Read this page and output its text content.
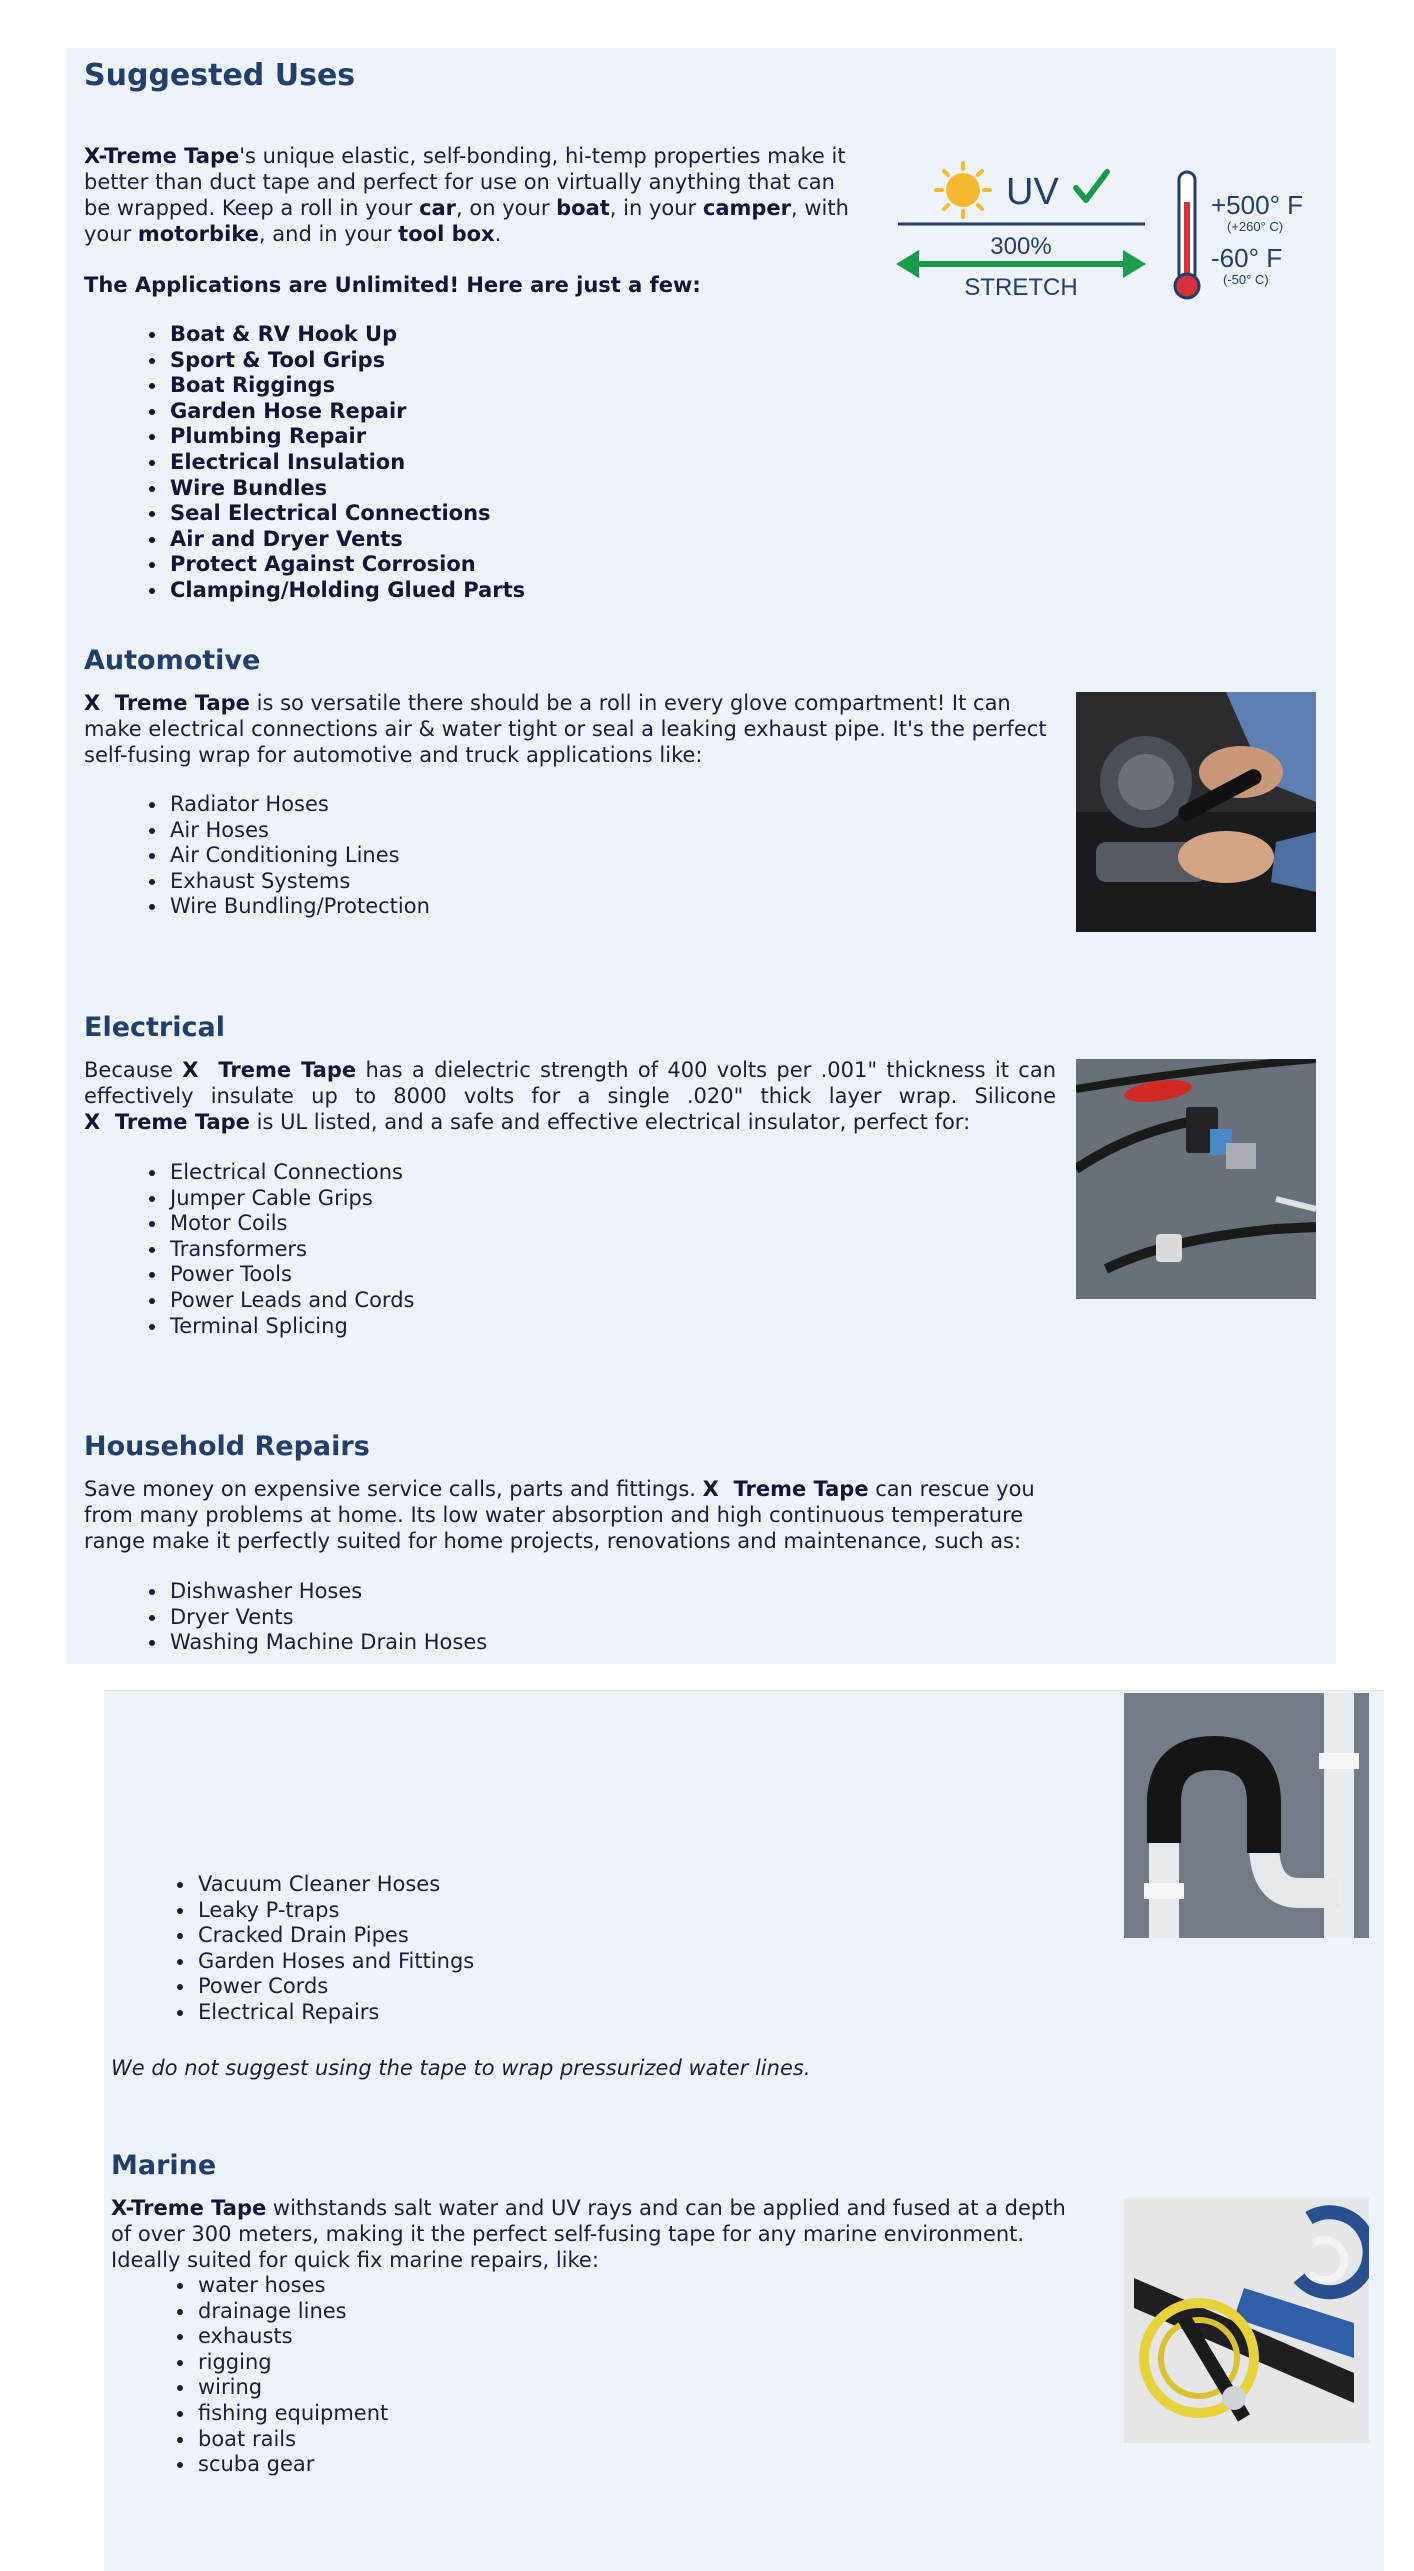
Suggested Uses

X-Treme Tape's unique elastic, self-bonding, hi-temp properties make it better than duct tape and perfect for use on virtually anything that can be wrapped. Keep a roll in your car, on your boat, in your camper, with your motorbike, and in your tool box.

The Applications are Unlimited! Here are just a few:

• Boat & RV Hook Up
• Sport & Tool Grips
• Boat Riggings
• Garden Hose Repair
• Plumbing Repair
• Electrical Insulation
• Wire Bundles
• Seal Electrical Connections
• Air and Dryer Vents
• Protect Against Corrosion
• Clamping/Holding Glued Parts
UV
300%
STRETCH
+500° F
(+260° C)
-60° F
(-50° C)
Automotive

X  Treme Tape is so versatile there should be a roll in every glove compartment! It can make electrical connections air & water tight or seal a leaking exhaust pipe. It's the perfect self-fusing wrap for automotive and truck applications like:

• Radiator Hoses
• Air Hoses
• Air Conditioning Lines
• Exhaust Systems
• Wire Bundling/Protection
Electrical

Because X  Treme Tape has a dielectric strength of 400 volts per .001" thickness it can effectively insulate up to 8000 volts for a single .020" thick layer wrap. Silicone X  Treme Tape is UL listed, and a safe and effective electrical insulator, perfect for:

• Electrical Connections
• Jumper Cable Grips
• Motor Coils
• Transformers
• Power Tools
• Power Leads and Cords
• Terminal Splicing
Household Repairs

Save money on expensive service calls, parts and fittings. X  Treme Tape can rescue you from many problems at home. Its low water absorption and high continuous temperature range make it perfectly suited for home projects, renovations and maintenance, such as:

• Dishwasher Hoses
• Dryer Vents
• Washing Machine Drain Hoses
• Vacuum Cleaner Hoses
• Leaky P-traps
• Cracked Drain Pipes
• Garden Hoses and Fittings
• Power Cords
• Electrical Repairs

We do not suggest using the tape to wrap pressurized water lines.

Marine

X-Treme Tape withstands salt water and UV rays and can be applied and fused at a depth of over 300 meters, making it the perfect self-fusing tape for any marine environment. Ideally suited for quick fix marine repairs, like:

• water hoses
• drainage lines
• exhausts
• rigging
• wiring
• fishing equipment
• boat rails
• scuba gear
